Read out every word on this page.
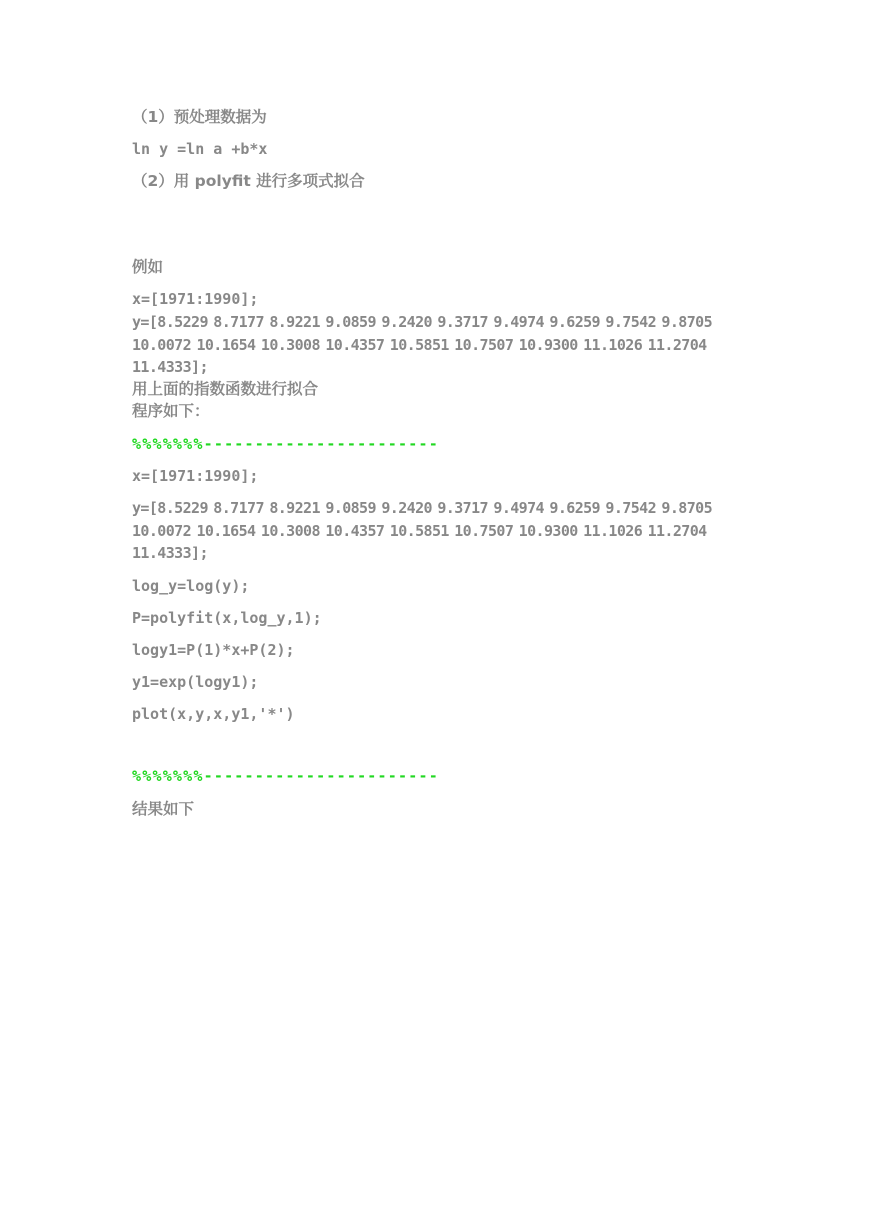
（1）预处理数据为
ln y =ln a +b*x
（2）用 polyfit 进行多项式拟合
例如
x=[1971:1990];
y=[8.5229 8.7177 8.9221 9.0859 9.2420 9.3717 9.4974 9.6259 9.7542 9.8705 10.0072 10.1654 10.3008 10.4357 10.5851 10.7507 10.9300 11.1026 11.2704 11.4333];
用上面的指数函数进行拟合
程序如下：
%%%%%%%-----------------------
x=[1971:1990];
y=[8.5229 8.7177 8.9221 9.0859 9.2420 9.3717 9.4974 9.6259 9.7542 9.8705 10.0072 10.1654 10.3008 10.4357 10.5851 10.7507 10.9300 11.1026 11.2704 11.4333];
log_y=log(y);
P=polyfit(x,log_y,1);
logy1=P(1)*x+P(2);
y1=exp(logy1);
plot(x,y,x,y1,'*')
%%%%%%%-----------------------
结果如下
